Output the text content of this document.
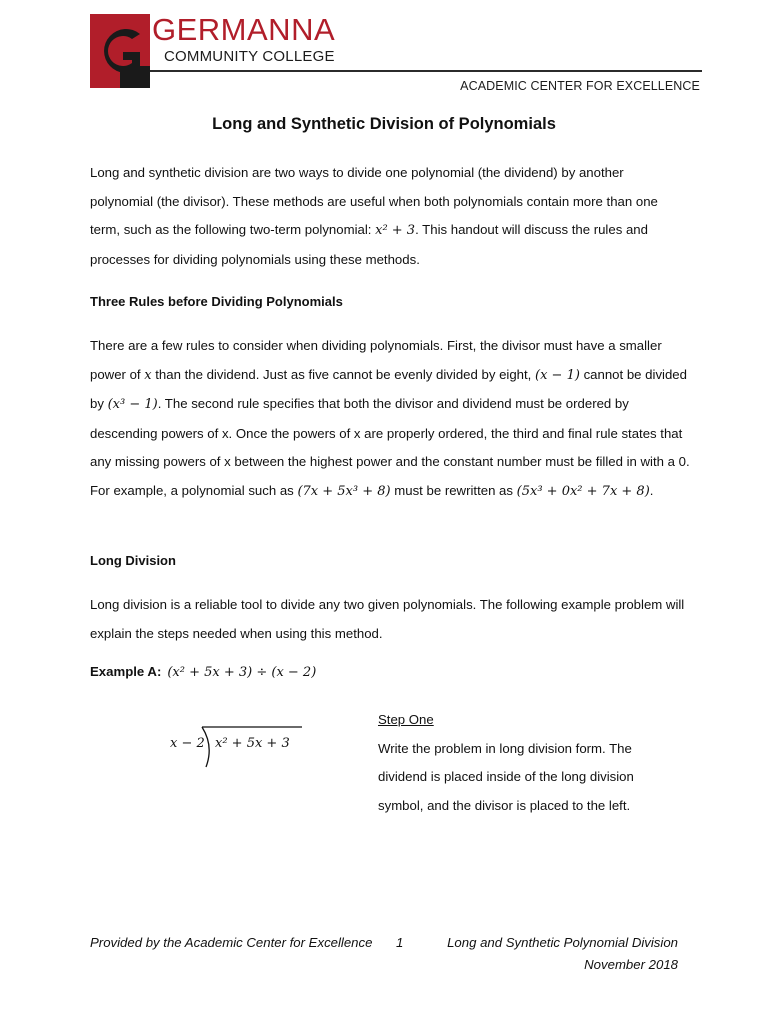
GERMANNA
COMMUNITY COLLEGE
ACADEMIC CENTER FOR EXCELLENCE
Long and Synthetic Division of Polynomials

Long and synthetic division are two ways to divide one polynomial (the dividend) by another polynomial (the divisor). These methods are useful when both polynomials contain more than one term, such as the following two-term polynomial: x² + 3. This handout will discuss the rules and processes for dividing polynomials using these methods.

Three Rules before Dividing Polynomials

There are a few rules to consider when dividing polynomials. First, the divisor must have a smaller power of x than the dividend. Just as five cannot be evenly divided by eight, (x − 1) cannot be divided by (x³ − 1). The second rule specifies that both the divisor and dividend must be ordered by descending powers of x. Once the powers of x are properly ordered, the third and final rule states that any missing powers of x between the highest power and the constant number must be filled in with a 0. For example, a polynomial such as (7x + 5x³ + 8) must be rewritten as (5x³ + 0x² + 7x + 8).

Long Division

Long division is a reliable tool to divide any two given polynomials. The following example problem will explain the steps needed when using this method.

Example A: (x² + 5x + 3) ÷ (x − 2)
x − 2 x² + 5x + 3
Step One
Write the problem in long division form. The dividend is placed inside of the long division symbol, and the divisor is placed to the left.
Provided by the Academic Center for Excellence 1	Long and Synthetic Polynomial Division
November 2018
